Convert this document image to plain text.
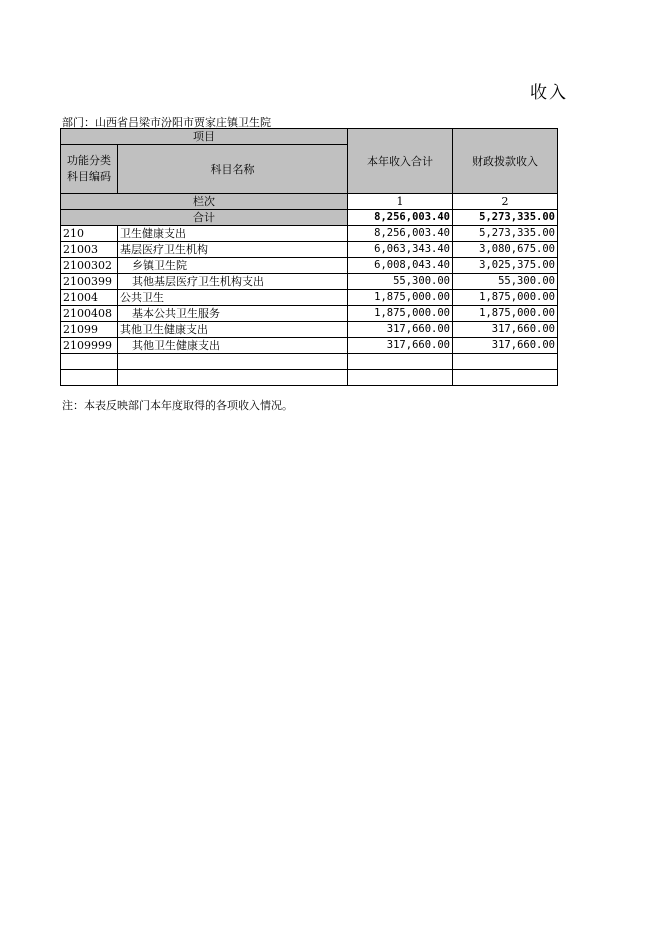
收入
部门：山西省吕梁市汾阳市贾家庄镇卫生院
项目		本年收入合计	财政拨款收入
功能分类科目编码	科目名称		
栏次		1	2
合计		8,256,003.40	5,273,335.00
210	卫生健康支出	8,256,003.40	5,273,335.00
21003	基层医疗卫生机构	6,063,343.40	3,080,675.00
2100302	乡镇卫生院	6,008,043.40	3,025,375.00
2100399	其他基层医疗卫生机构支出	55,300.00	55,300.00
21004	公共卫生	1,875,000.00	1,875,000.00
2100408	基本公共卫生服务	1,875,000.00	1,875,000.00
21099	其他卫生健康支出	317,660.00	317,660.00
2109999	其他卫生健康支出	317,660.00	317,660.00

注：本表反映部门本年度取得的各项收入情况。
